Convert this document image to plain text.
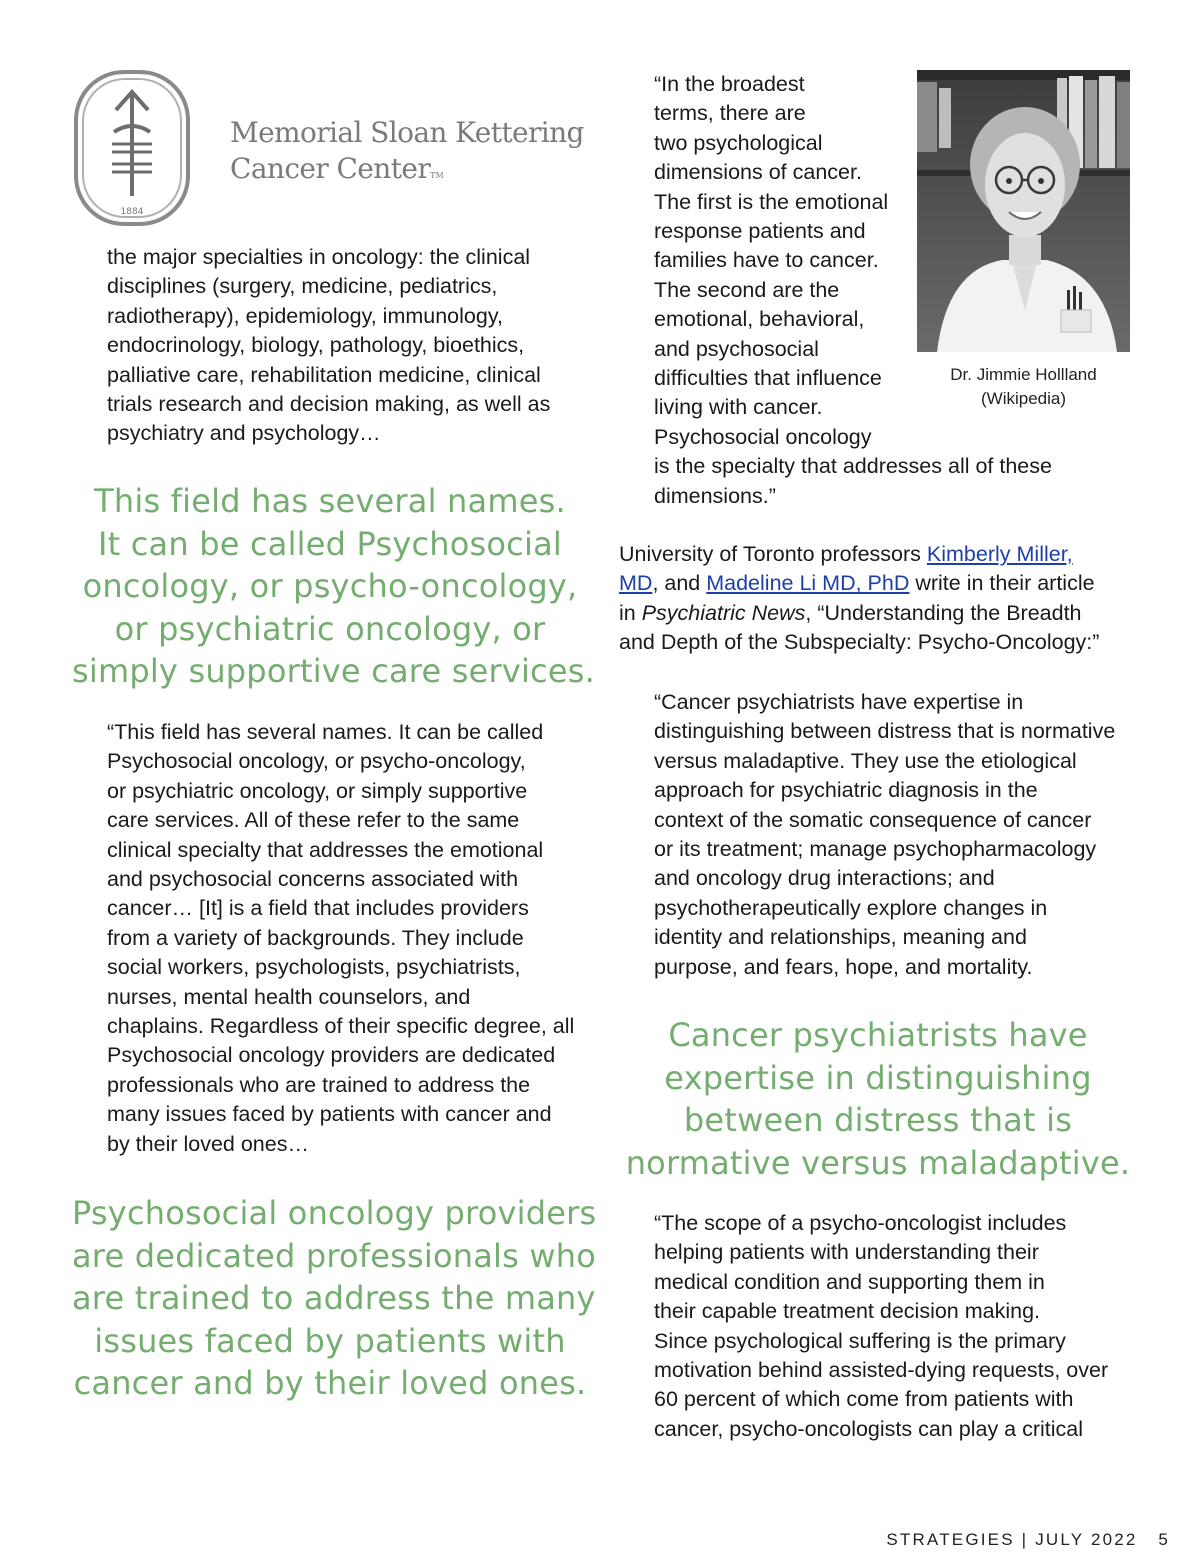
1884
Memorial Sloan Kettering
Cancer CenterTM

the major specialties in oncology: the clinical
disciplines (surgery, medicine, pediatrics,
radiotherapy), epidemiology, immunology,
endocrinology, biology, pathology, bioethics,
palliative care, rehabilitation medicine, clinical
trials research and decision making, as well as
psychiatry and psychology…

This field has several names.
It can be called Psychosocial
oncology, or psycho-oncology,
or psychiatric oncology, or
simply supportive care services.

“This field has several names. It can be called
Psychosocial oncology, or psycho-oncology,
or psychiatric oncology, or simply supportive
care services. All of these refer to the same
clinical specialty that addresses the emotional
and psychosocial concerns associated with
cancer… [It] is a field that includes providers
from a variety of backgrounds. They include
social workers, psychologists, psychiatrists,
nurses, mental health counselors, and
chaplains. Regardless of their specific degree, all
Psychosocial oncology providers are dedicated
professionals who are trained to address the
many issues faced by patients with cancer and
by their loved ones…

Psychosocial oncology providers
are dedicated professionals who
are trained to address the many
issues faced by patients with
cancer and by their loved ones.

“In the broadest
terms, there are
two psychological
dimensions of cancer.
The first is the emotional
response patients and
families have to cancer.
The second are the
emotional, behavioral,
and psychosocial
difficulties that influence
living with cancer.
Psychosocial oncology
is the specialty that addresses all of these
dimensions.”

Dr. Jimmie Hollland
(Wikipedia)
University of Toronto professors Kimberly Miller,
MD, and Madeline Li MD, PhD write in their article
in Psychiatric News, “Understanding the Breadth
and Depth of the Subspecialty: Psycho-Oncology:”

“Cancer psychiatrists have expertise in
distinguishing between distress that is normative
versus maladaptive. They use the etiological
approach for psychiatric diagnosis in the
context of the somatic consequence of cancer
or its treatment; manage psychopharmacology
and oncology drug interactions; and
psychotherapeutically explore changes in
identity and relationships, meaning and
purpose, and fears, hope, and mortality.

Cancer psychiatrists have
expertise in distinguishing
between distress that is
normative versus maladaptive.

“The scope of a psycho-oncologist includes
helping patients with understanding their
medical condition and supporting them in
their capable treatment decision making.
Since psychological suffering is the primary
motivation behind assisted-dying requests, over
60 percent of which come from patients with
cancer, psycho-oncologists can play a critical

STRATEGIES | JULY 2022 5
